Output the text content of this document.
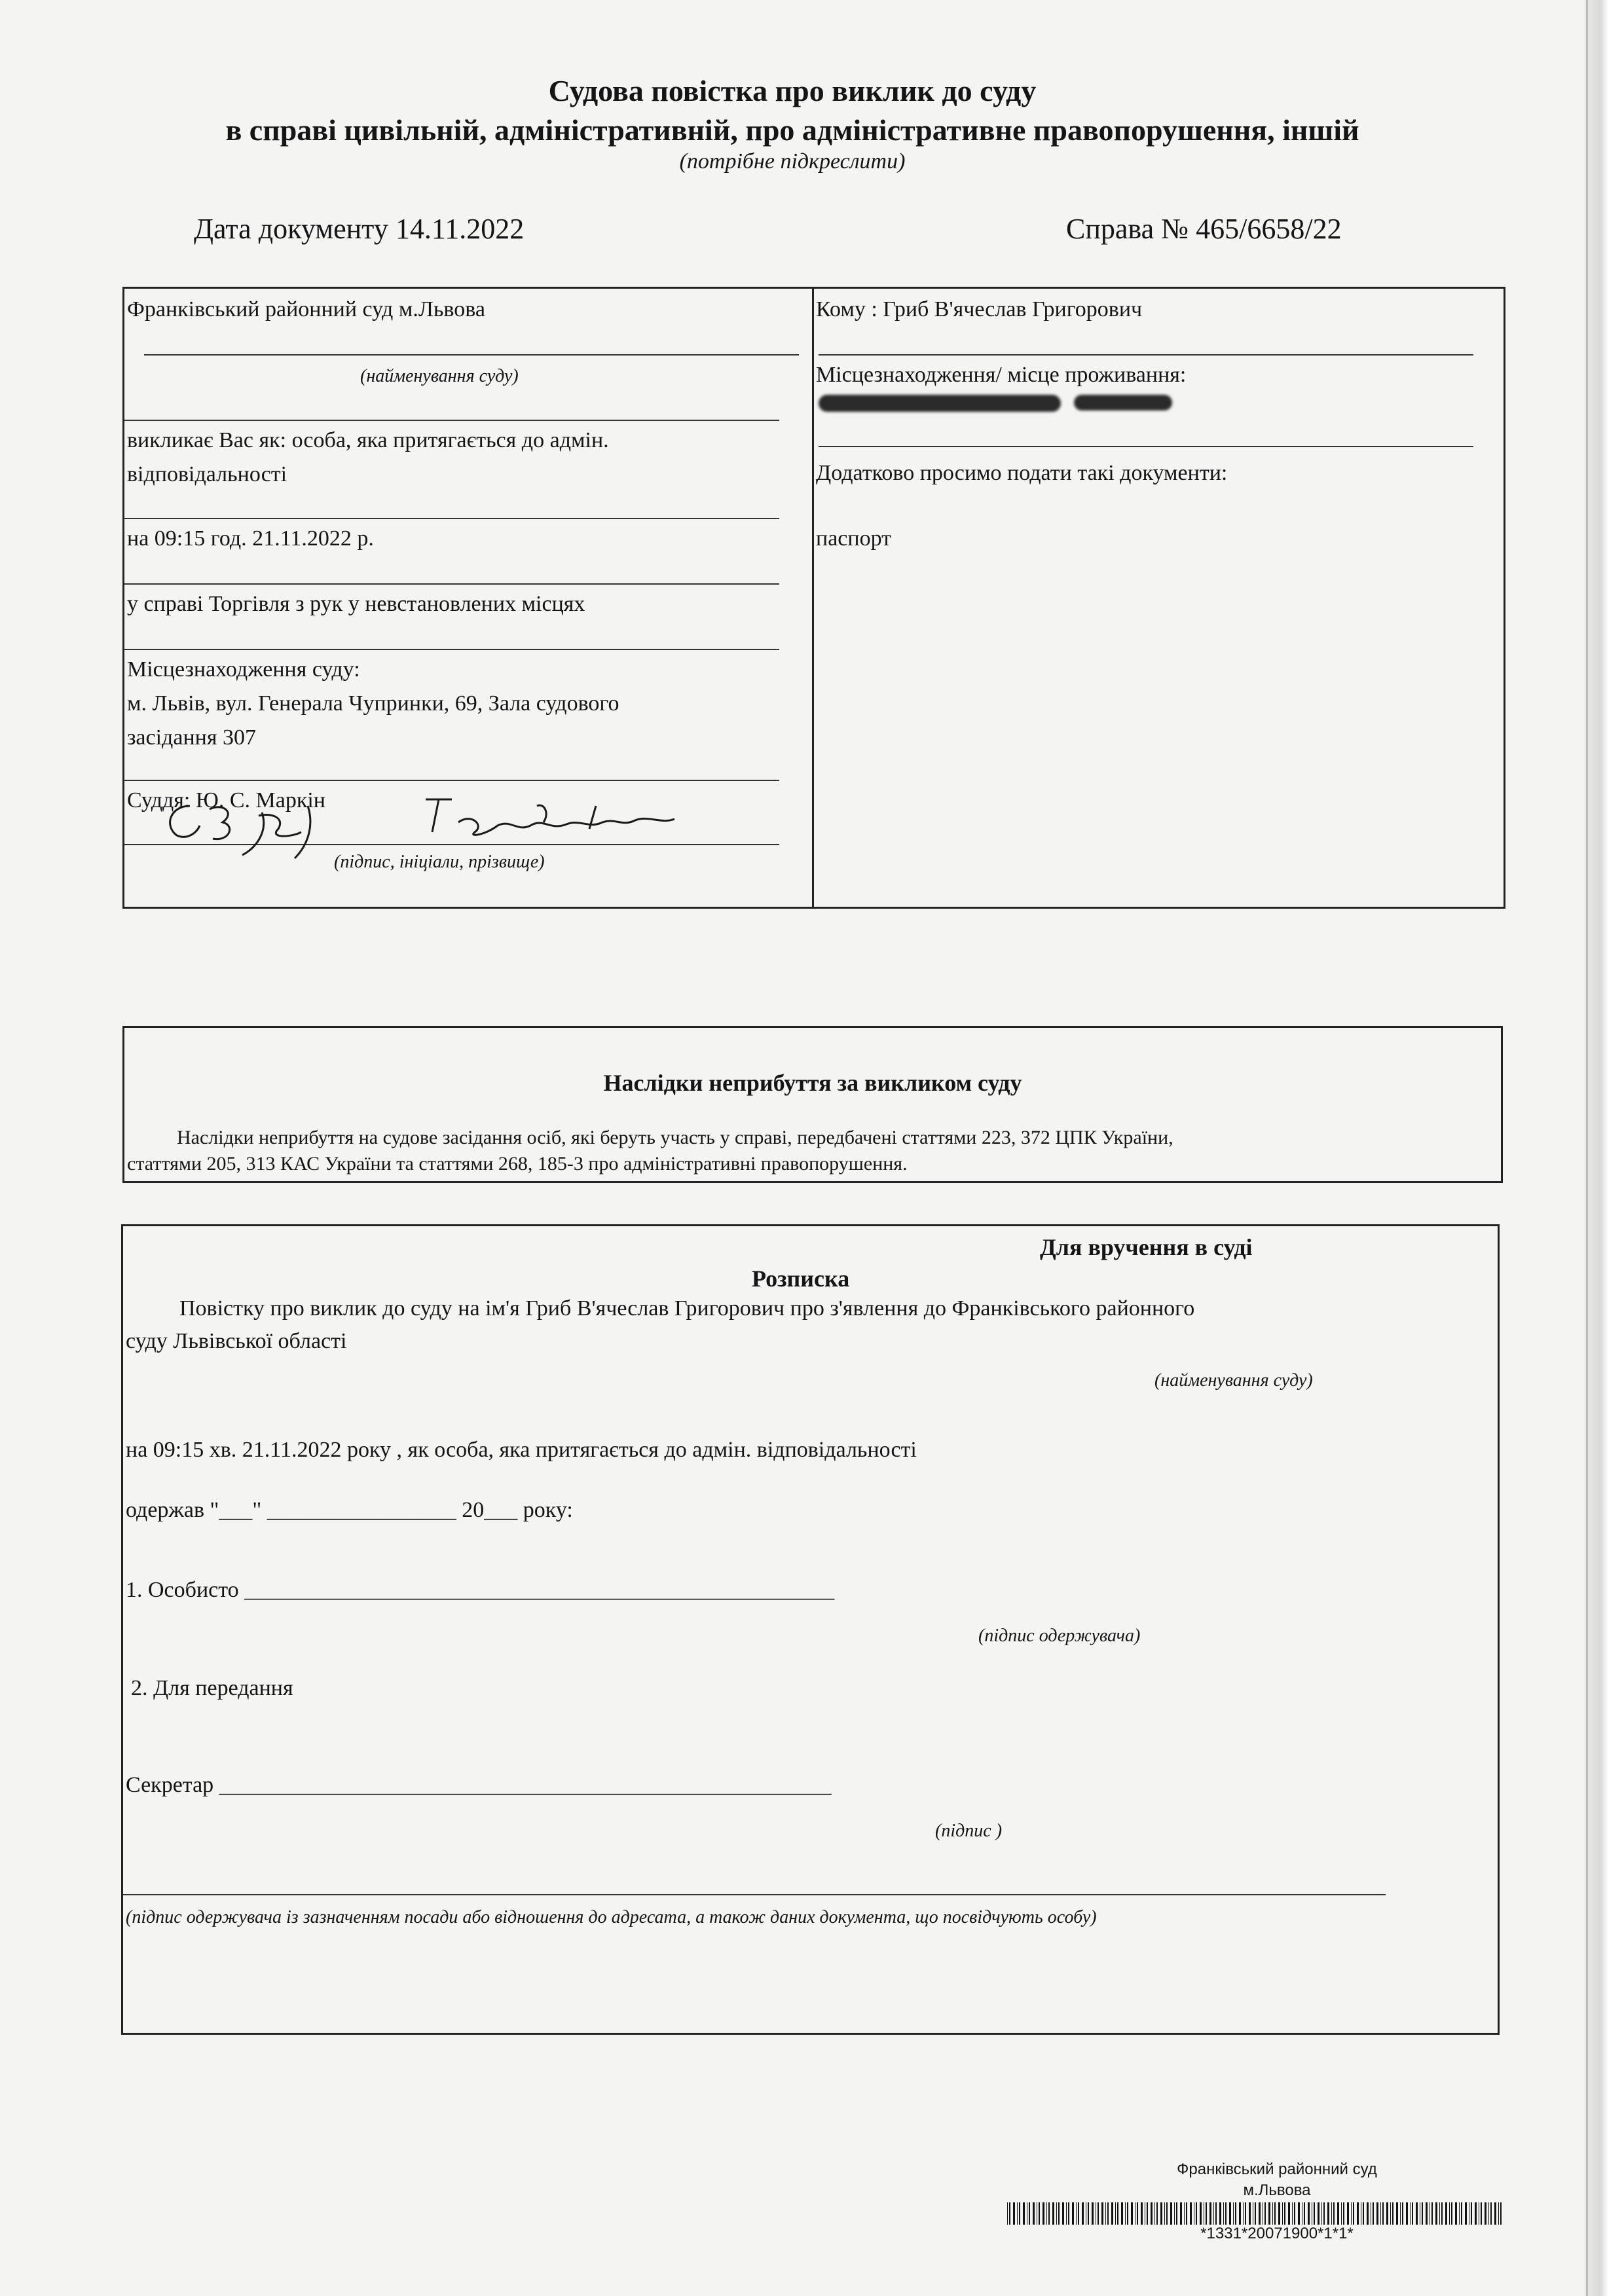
Судова повістка про виклик до суду
в справі цивільній, адміністративній, про адміністративне правопорушення, іншій
(потрібне підкреслити)
Дата документу 14.11.2022	Справа № 465/6658/22
Франківський районний суд м.Львова
(найменування суду)
викликає Вас як: особа, яка притягається до адмін.
відповідальності
на 09:15 год. 21.11.2022 р.
у справі Торгівля з рук у невстановлених місцях
Місцезнаходження суду:
м. Львів, вул. Генерала Чупринки, 69, Зала судового
засідання 307
Суддя: Ю. С. Маркін
(підпис, ініціали, прізвище)
Кому : Гриб В'ячеслав Григорович
Місцезнаходження/ місце проживання:
Додатково просимо подати такі документи:
паспорт
Наслідки неприбуття за викликом суду
Наслідки неприбуття на судове засідання осіб, які беруть участь у справі, передбачені статтями 223, 372 ЦПК України,
статтями 205, 313 КАС України та статтями 268, 185-3 про адміністративні правопорушення.
Для вручення в суді
Розписка
Повістку про виклик до суду на ім'я Гриб В'ячеслав Григорович про з'явлення до Франківського районного
суду Львівської області
(найменування суду)
на 09:15 хв. 21.11.2022 року , як особа, яка притягається до адмін. відповідальності
одержав "___" _________________ 20___ року:
1. Особисто _____________________________________________________
(підпис одержувача)
2. Для передання
Секретар _______________________________________________________
(підпис )
(підпис одержувача із зазначенням посади або відношення до адресата, а також даних документа, що посвідчують особу)
Франківський районний суд
м.Львова
*1331*20071900*1*1*
